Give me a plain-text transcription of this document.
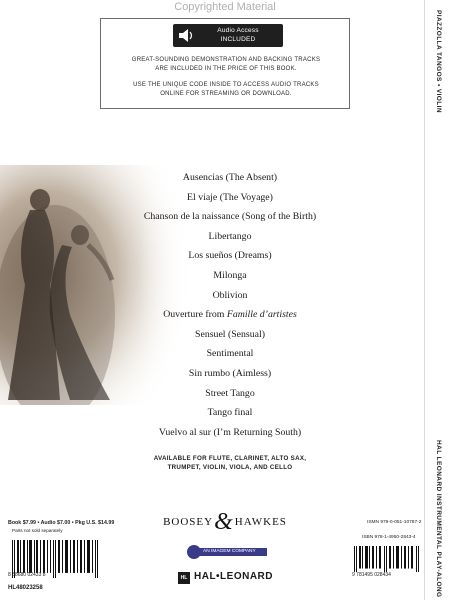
Copyrighted Material
Audio Access
INCLUDED
GREAT-SOUNDING DEMONSTRATION AND BACKING TRACKS
ARE INCLUDED IN THE PRICE OF THIS BOOK.
USE THE UNIQUE CODE INSIDE TO ACCESS AUDIO TRACKS
ONLINE FOR STREAMING OR DOWNLOAD.
Ausencias (The Absent)
El viaje (The Voyage)
Chanson de la naissance (Song of the Birth)
Libertango
Los sueños (Dreams)
Milonga
Oblivion
Ouverture from Famille d’artistes
Sensuel (Sensual)
Sentimental
Sin rumbo (Aimless)
Street Tango
Tango final
Vuelvo al sur (I’m Returning South)
AVAILABLE FOR FLUTE, CLARINET, ALTO SAX,
TRUMPET, VIOLIN, VIOLA, AND CELLO
Book $7.99 • Audio $7.00 • Pkg U.S. $14.99
Parts not sold separately
8 88680 02433 8
HL48023258
BOOSEY&HAWKES
AN IMAGEM COMPANY
HL HAL•LEONARD
ISMN 979-0-051-10787-2
ISBN 978-1-4950-2843-4
9 781495 028434
PIAZZOLLA TANGOS • VIOLIN
HAL LEONARD INSTRUMENTAL PLAY-ALONG
